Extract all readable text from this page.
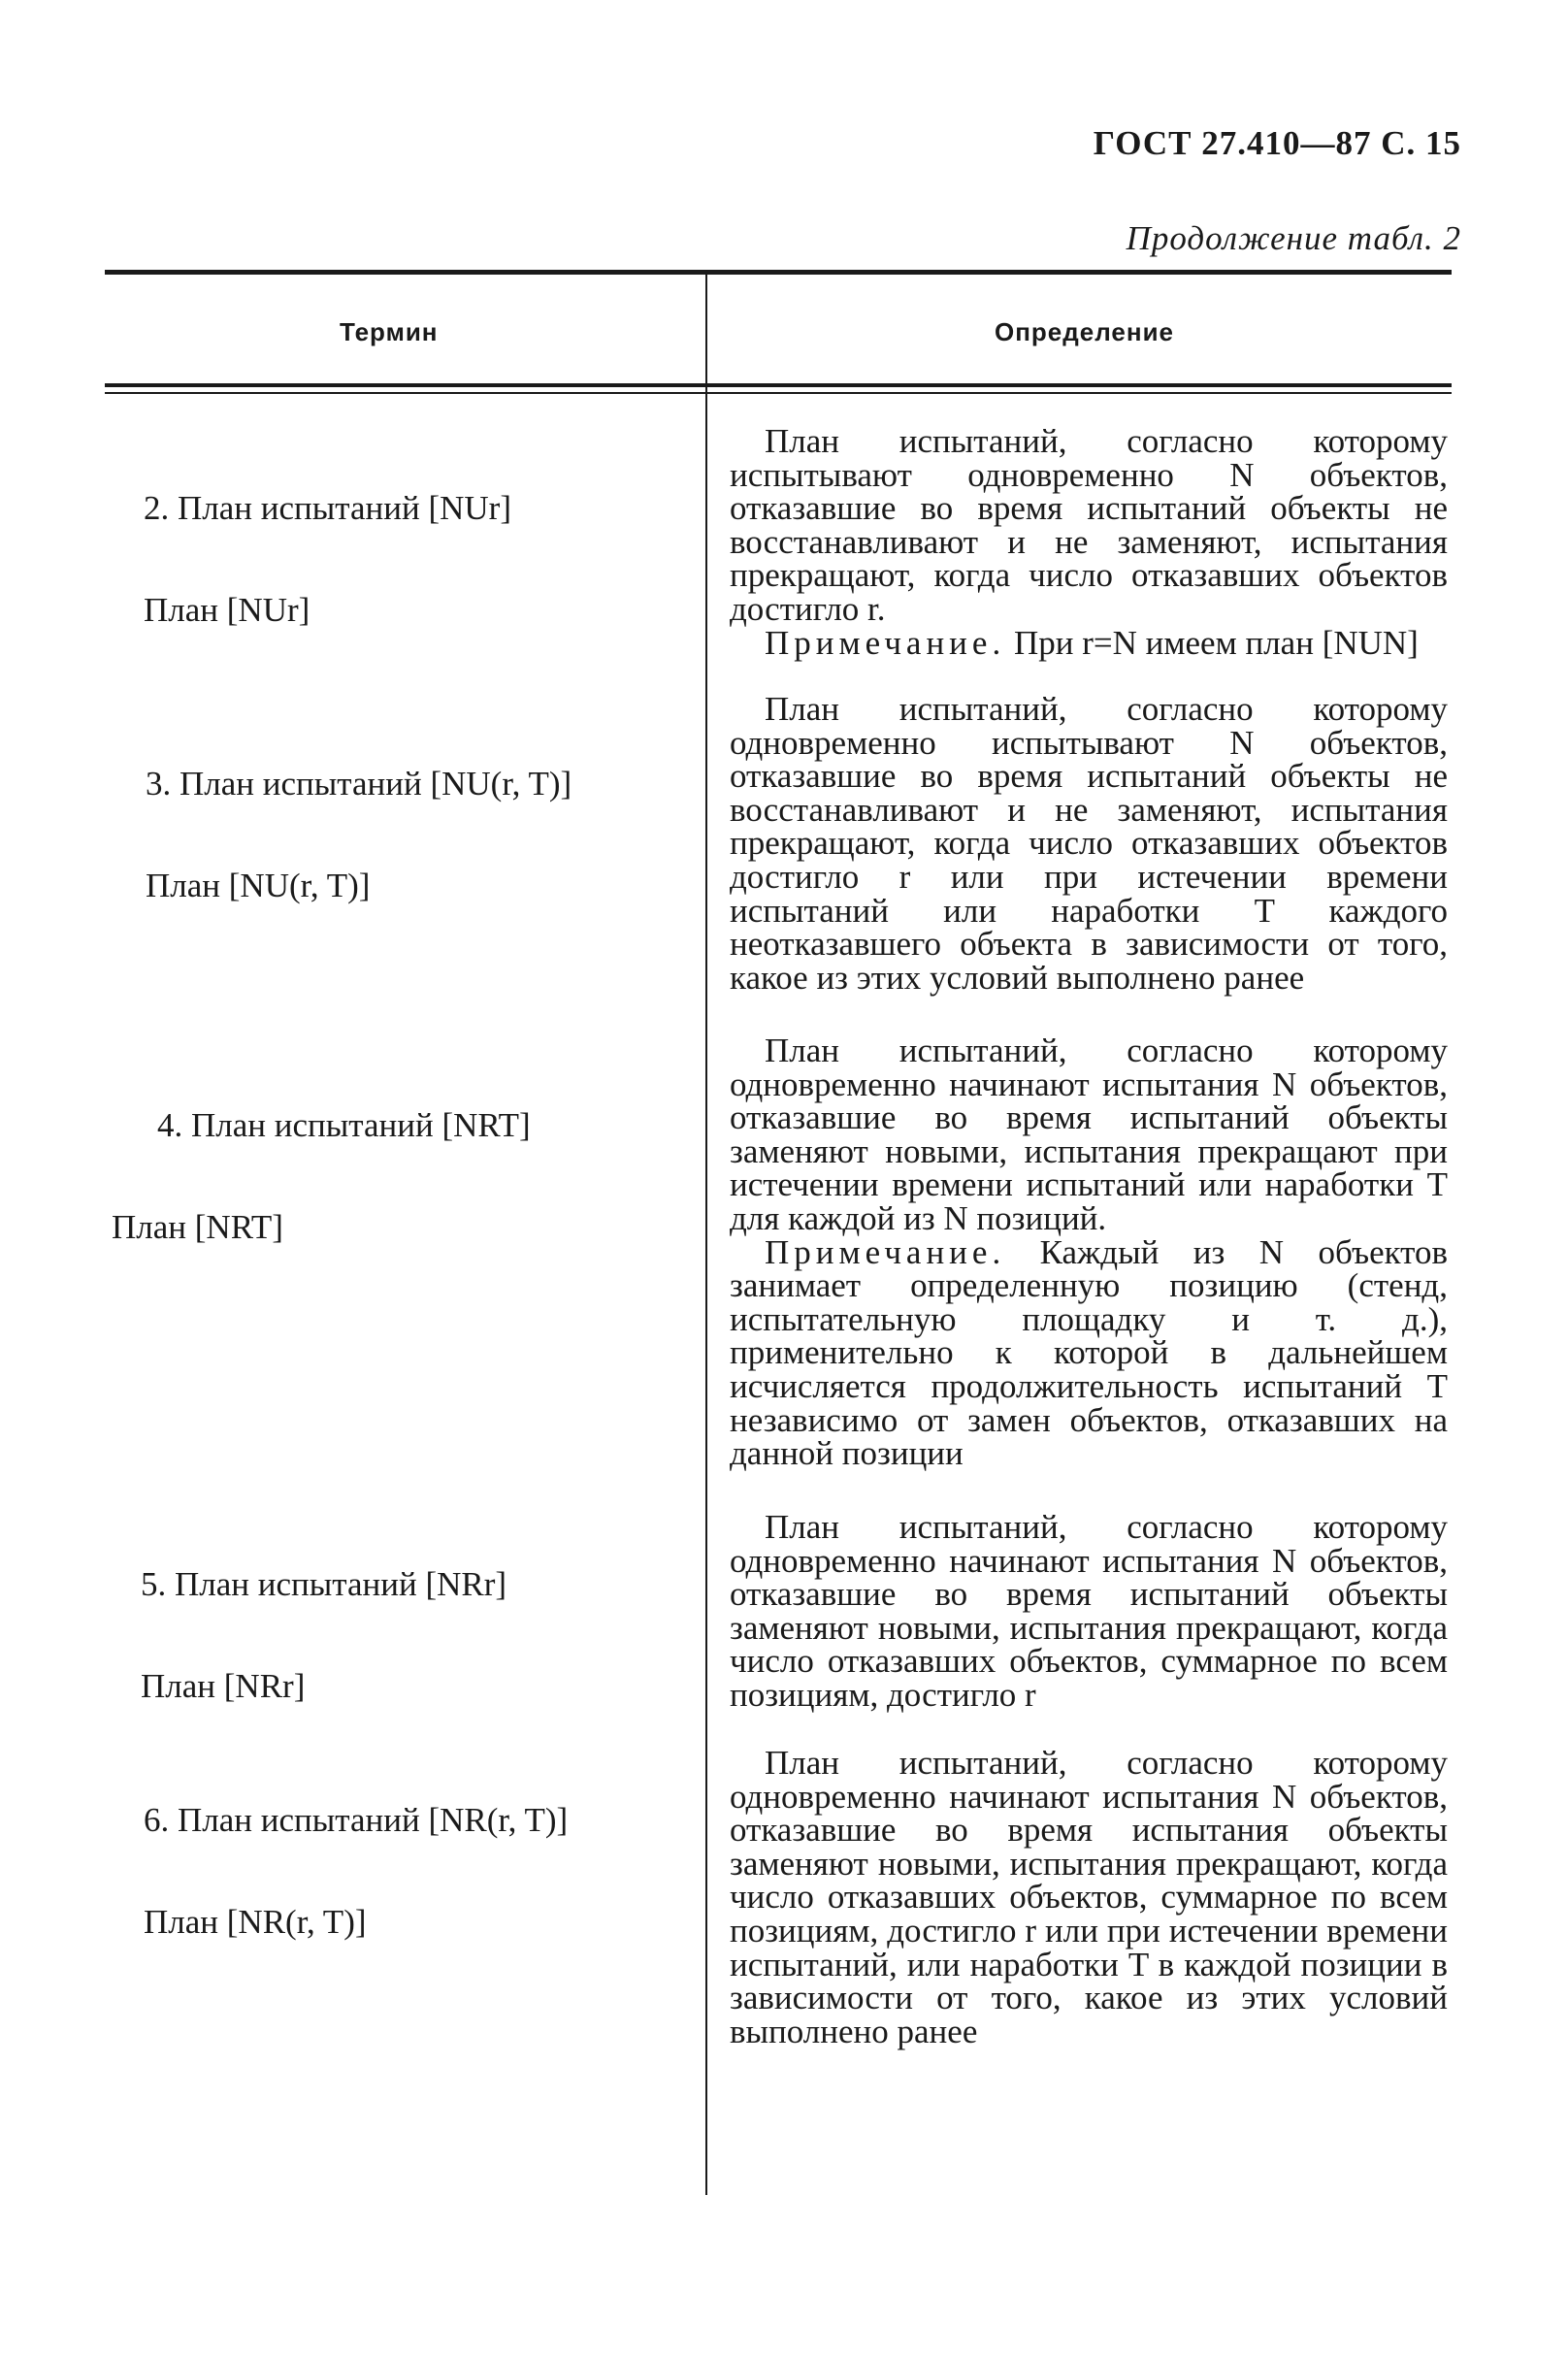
ГОСТ 27.410—87 С. 15
Продолжение табл. 2
Термин	Определение

2. План испытаний [NUr]

План [NUr]

План испытаний, согласно которому испытывают одновременно N объектов, отказавшие во время испытаний объекты не восстанавливают и не заменяют, испытания прекращают, когда число отказавших объектов достигло r.

Примечание. При r=N имеем план [NUN]

3. План испытаний [NU(r, T)]

План [NU(r, T)]

План испытаний, согласно которому одновременно испытывают N объектов, отказавшие во время испытаний объекты не восстанавливают и не заменяют, испытания прекращают, когда число отказавших объектов достигло r или при истечении времени испытаний или наработки T каждого неотказавшего объекта в зависимости от того, какое из этих условий выполнено ранее

4. План испытаний [NRT]

План [NRT]

План испытаний, согласно которому одновременно начинают испытания N объектов, отказавшие во время испытаний объекты заменяют новыми, испытания прекращают при истечении времени испытаний или наработки T для каждой из N позиций.

Примечание. Каждый из N объектов занимает определенную позицию (стенд, испытательную площадку и т. д.), применительно к которой в дальнейшем исчисляется продолжительность испытаний T независимо от замен объектов, отказавших на данной позиции

5. План испытаний [NRr]

План [NRr]

План испытаний, согласно которому одновременно начинают испытания N объектов, отказавшие во время испытаний объекты заменяют новыми, испытания прекращают, когда число отказавших объектов, суммарное по всем позициям, достигло r

6. План испытаний [NR(r, T)]

План [NR(r, T)]

План испытаний, согласно которому одновременно начинают испытания N объектов, отказавшие во время испытания объекты заменяют новыми, испытания прекращают, когда число отказавших объектов, суммарное по всем позициям, достигло r или при истечении времени испытаний, или наработки T в каждой позиции в зависимости от того, какое из этих условий выполнено ранее
